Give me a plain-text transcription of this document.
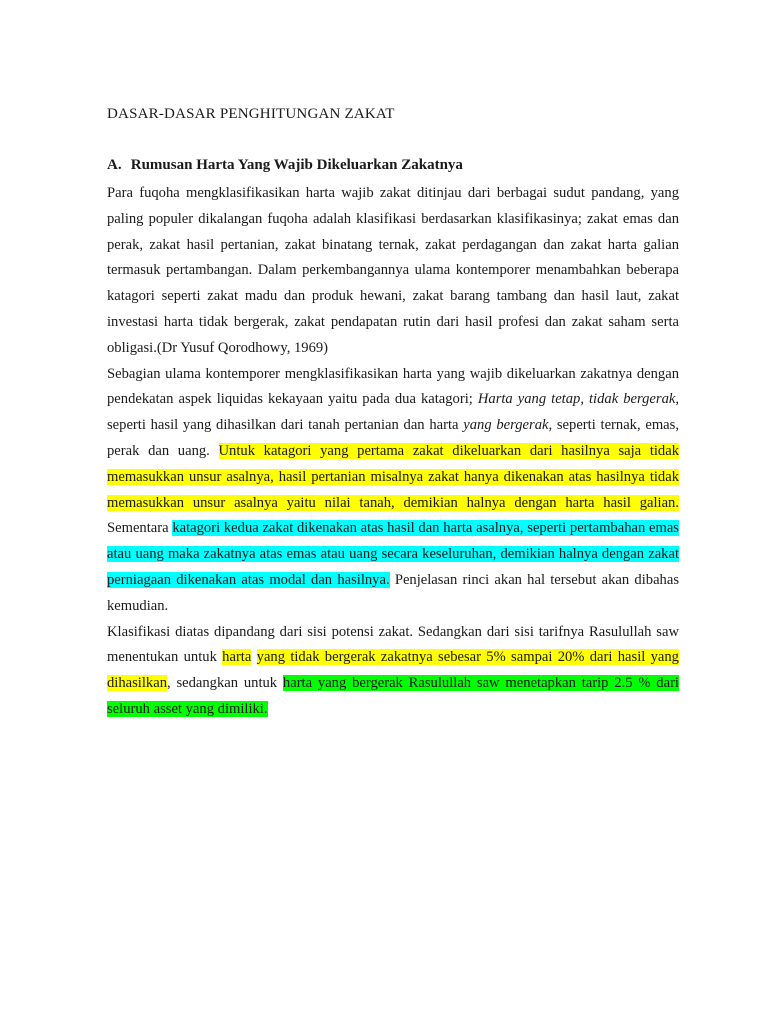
DASAR-DASAR PENGHITUNGAN ZAKAT
A. Rumusan Harta Yang Wajib Dikeluarkan Zakatnya

Para fuqoha mengklasifikasikan harta wajib zakat ditinjau dari berbagai sudut pandang, yang paling populer dikalangan fuqoha adalah klasifikasi berdasarkan klasifikasinya; zakat emas dan perak, zakat hasil pertanian, zakat binatang ternak, zakat perdagangan dan zakat harta galian termasuk pertambangan. Dalam perkembangannya ulama kontemporer menambahkan beberapa katagori seperti zakat madu dan produk hewani, zakat barang tambang dan hasil laut, zakat investasi harta tidak bergerak, zakat pendapatan rutin dari hasil profesi dan zakat saham serta obligasi.(Dr Yusuf Qorodhowy, 1969)

Sebagian ulama kontemporer mengklasifikasikan harta yang wajib dikeluarkan zakatnya dengan pendekatan aspek liquidas kekayaan yaitu pada dua katagori; Harta yang tetap, tidak bergerak, seperti hasil yang dihasilkan dari tanah pertanian dan harta yang bergerak, seperti ternak, emas, perak dan uang. Untuk katagori yang pertama zakat dikeluarkan dari hasilnya saja tidak memasukkan unsur asalnya, hasil pertanian misalnya zakat hanya dikenakan atas hasilnya tidak memasukkan unsur asalnya yaitu nilai tanah, demikian halnya dengan harta hasil galian. Sementara katagori kedua zakat dikenakan atas hasil dan harta asalnya, seperti pertambahan emas atau uang maka zakatnya atas emas atau uang secara keseluruhan, demikian halnya dengan zakat perniagaan dikenakan atas modal dan hasilnya. Penjelasan rinci akan hal tersebut akan dibahas kemudian.

Klasifikasi diatas dipandang dari sisi potensi zakat. Sedangkan dari sisi tarifnya Rasulullah saw menentukan untuk harta yang tidak bergerak zakatnya sebesar 5% sampai 20% dari hasil yang dihasilkan, sedangkan untuk harta yang bergerak Rasulullah saw menetapkan tarip 2.5 % dari seluruh asset yang dimiliki.
